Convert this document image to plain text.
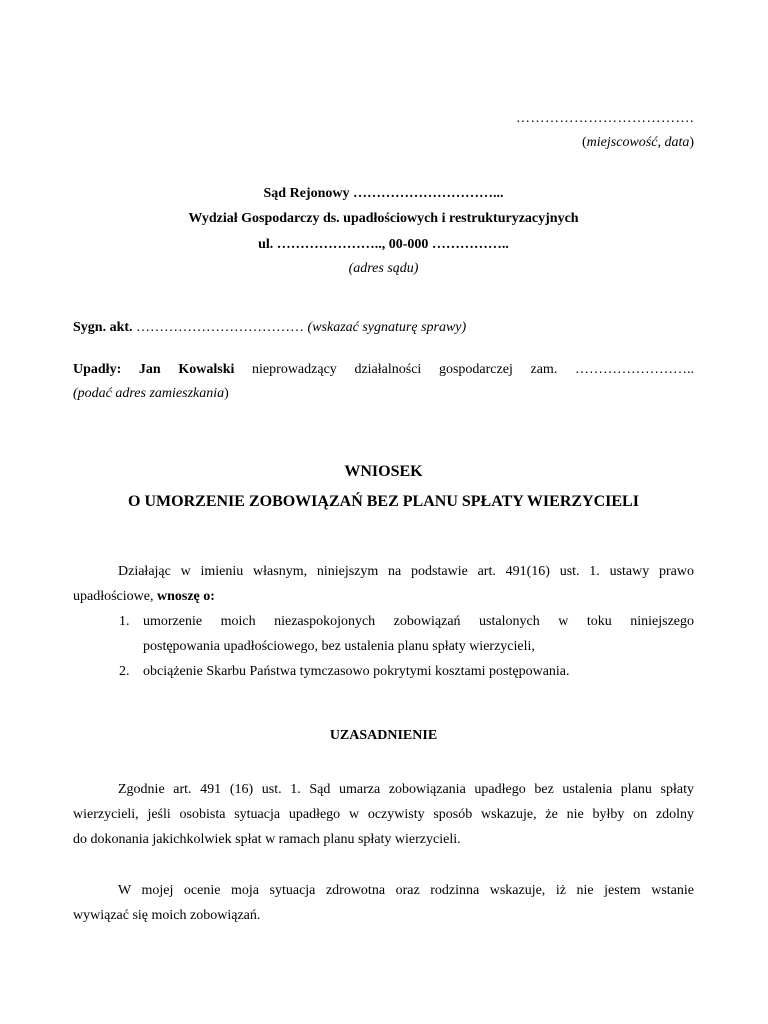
……………………………….
(miejscowość, data)
Sąd Rejonowy …………………………...
Wydział Gospodarczy ds. upadłościowych i restrukturyzacyjnych
ul. ………………….., 00-000 ……………..
(adres sądu)
Sygn. akt. ……………………………… (wskazać sygnaturę sprawy)
Upadły: Jan Kowalski nieprowadzący działalności gospodarczej zam. ……………………..
(podać adres zamieszkania)
WNIOSEK
O UMORZENIE ZOBOWIĄZAŃ BEZ PLANU SPŁATY WIERZYCIELI
Działając w imieniu własnym, niniejszym na podstawie art. 491(16) ust. 1. ustawy prawo
upadłościowe, wnoszę o:
1. umorzenie moich niezaspokojonych zobowiązań ustalonych w toku niniejszego
postępowania upadłościowego, bez ustalenia planu spłaty wierzycieli,
2. obciążenie Skarbu Państwa tymczasowo pokrytymi kosztami postępowania.
UZASADNIENIE
Zgodnie art. 491 (16) ust. 1. Sąd umarza zobowiązania upadłego bez ustalenia planu spłaty
wierzycieli, jeśli osobista sytuacja upadłego w oczywisty sposób wskazuje, że nie byłby on zdolny
do dokonania jakichkolwiek spłat w ramach planu spłaty wierzycieli.
W mojej ocenie moja sytuacja zdrowotna oraz rodzinna wskazuje, iż nie jestem wstanie
wywiązać się moich zobowiązań.
